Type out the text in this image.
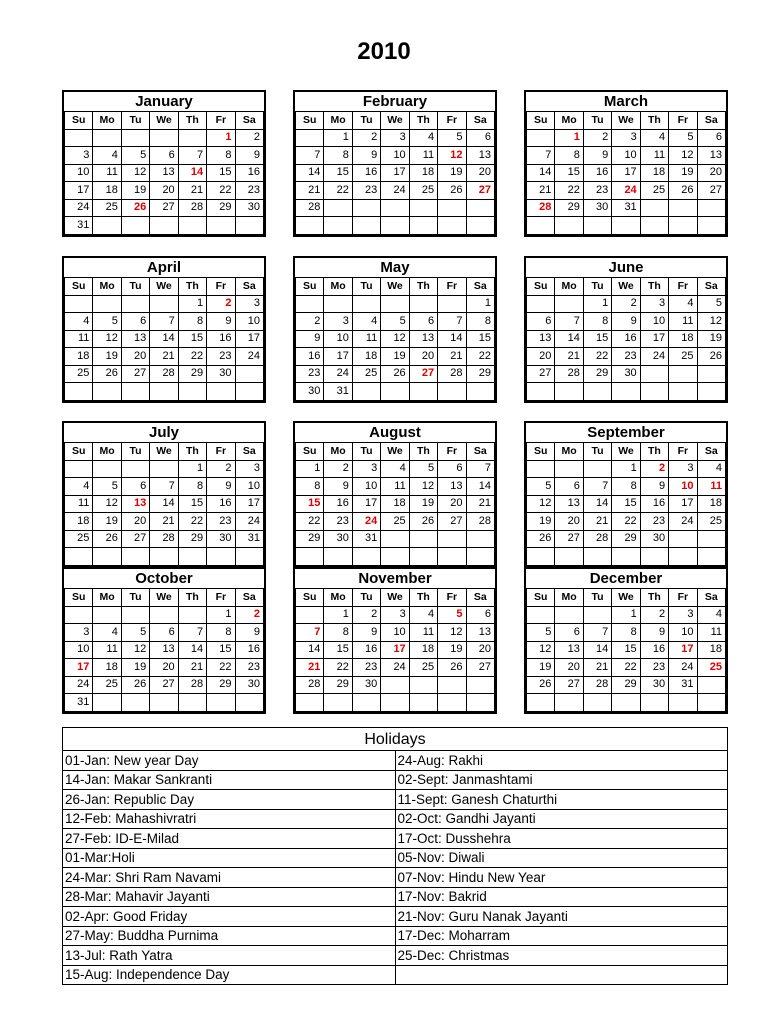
2010
January						
Su	Mo	Tu	We	Th	Fr	Sa
					1	2
3	4	5	6	7	8	9
10	11	12	13	14	15	16
17	18	19	20	21	22	23
24	25	26	27	28	29	30
31						
February						
Su	Mo	Tu	We	Th	Fr	Sa
	1	2	3	4	5	6
7	8	9	10	11	12	13
14	15	16	17	18	19	20
21	22	23	24	25	26	27
28						

March						
Su	Mo	Tu	We	Th	Fr	Sa
	1	2	3	4	5	6
7	8	9	10	11	12	13
14	15	16	17	18	19	20
21	22	23	24	25	26	27
28	29	30	31			

April						
Su	Mo	Tu	We	Th	Fr	Sa
				1	2	3
4	5	6	7	8	9	10
11	12	13	14	15	16	17
18	19	20	21	22	23	24
25	26	27	28	29	30	

May						
Su	Mo	Tu	We	Th	Fr	Sa
						1
2	3	4	5	6	7	8
9	10	11	12	13	14	15
16	17	18	19	20	21	22
23	24	25	26	27	28	29
30	31					
June						
Su	Mo	Tu	We	Th	Fr	Sa
		1	2	3	4	5
6	7	8	9	10	11	12
13	14	15	16	17	18	19
20	21	22	23	24	25	26
27	28	29	30			

July						
Su	Mo	Tu	We	Th	Fr	Sa
				1	2	3
4	5	6	7	8	9	10
11	12	13	14	15	16	17
18	19	20	21	22	23	24
25	26	27	28	29	30	31

August						
Su	Mo	Tu	We	Th	Fr	Sa
1	2	3	4	5	6	7
8	9	10	11	12	13	14
15	16	17	18	19	20	21
22	23	24	25	26	27	28
29	30	31				

September						
Su	Mo	Tu	We	Th	Fr	Sa
			1	2	3	4
5	6	7	8	9	10	11
12	13	14	15	16	17	18
19	20	21	22	23	24	25
26	27	28	29	30		

October						
Su	Mo	Tu	We	Th	Fr	Sa
					1	2
3	4	5	6	7	8	9
10	11	12	13	14	15	16
17	18	19	20	21	22	23
24	25	26	27	28	29	30
31						
November						
Su	Mo	Tu	We	Th	Fr	Sa
	1	2	3	4	5	6
7	8	9	10	11	12	13
14	15	16	17	18	19	20
21	22	23	24	25	26	27
28	29	30				

December						
Su	Mo	Tu	We	Th	Fr	Sa
			1	2	3	4
5	6	7	8	9	10	11
12	13	14	15	16	17	18
19	20	21	22	23	24	25
26	27	28	29	30	31	

Holidays	
01-Jan: New year Day	24-Aug: Rakhi
14-Jan: Makar Sankranti	02-Sept: Janmashtami
26-Jan: Republic Day	11-Sept: Ganesh Chaturthi
12-Feb: Mahashivratri	02-Oct: Gandhi Jayanti
27-Feb: ID-E-Milad	17-Oct: Dusshehra
01-Mar:Holi	05-Nov: Diwali
24-Mar: Shri Ram Navami	07-Nov: Hindu New Year
28-Mar: Mahavir Jayanti	17-Nov: Bakrid
02-Apr: Good Friday	21-Nov: Guru Nanak Jayanti
27-May: Buddha Purnima	17-Dec: Moharram
13-Jul: Rath Yatra	25-Dec: Christmas
15-Aug: Independence Day	
